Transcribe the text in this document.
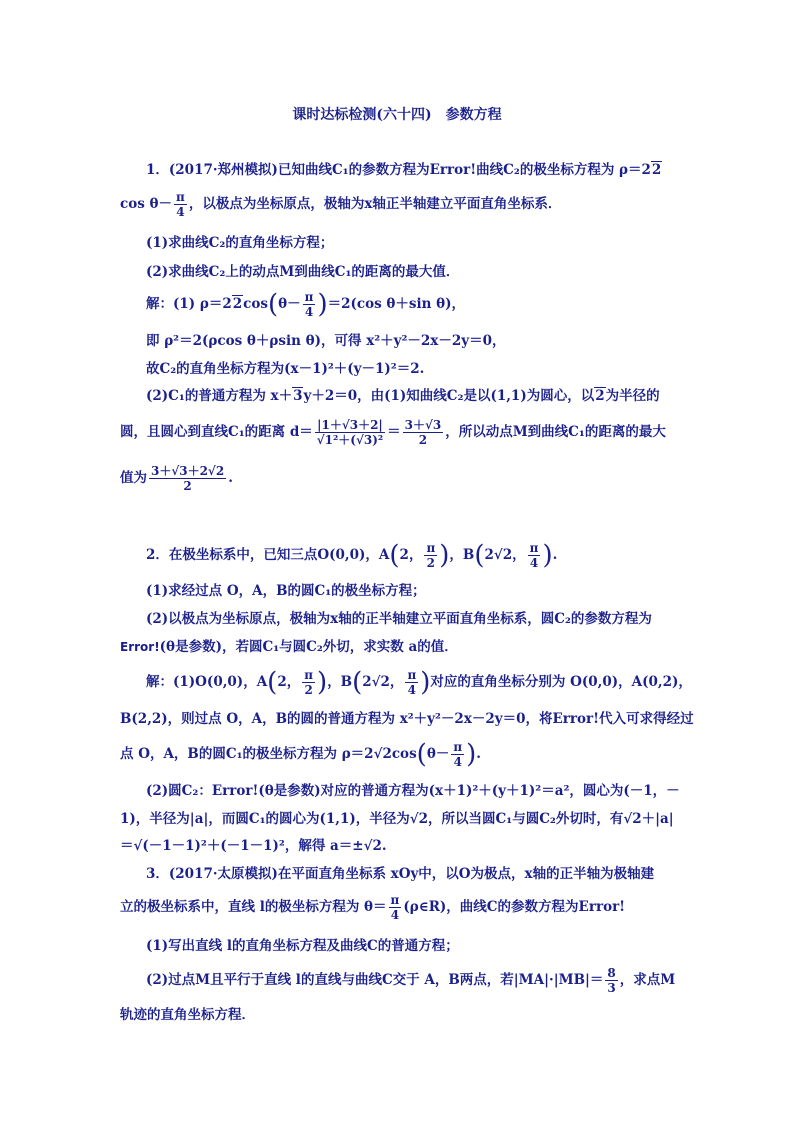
课时达标检测(六十四)　参数方程
1．(2017·郑州模拟)已知曲线C₁的参数方程为Error!曲线C₂的极坐标方程为 ρ＝22
$\cos \theta- \frac{\pi}{4}$ ，以极点为坐标原点，极轴为x轴正半轴建立平面直角坐标系．
(1)求曲线C₂的直角坐标方程；
(2)求曲线C₂上的动点M到曲线C₁的距离的最大值．
解：(1) $\rho=22\cos(\theta- \frac{\pi}{4} )=2(\cos$ θ＋sin θ)，
即 ρ²＝2(ρcos θ＋ρsin θ)，可得 x²＋y²－2x－2y＝0，
故C₂的直角坐标方程为(x－1)²＋(y－1)²＝2.
(2)C₁的普通方程为 x＋3y＋2＝0，由(1)知曲线C₂是以(1,1)为圆心，以2为半径的
圆，且圆心到直线C₁的距离 $d= \frac{|1+√3+2|}{\text{√1²＋(√3)²}} = \frac{3+√3}{2}$ ，所以动点M到曲线C₁的距离的最大
值为 $\frac{3+√3+2√2}{2}$ .
2．在极坐标系中，已知三点O(0,0)，A(2， $\frac{\pi}{2}$ )，B(2√2， $\frac{\pi}{4}$ ).
(1)求经过点 O，A，B的圆C₁的极坐标方程；
(2)以极点为坐标原点，极轴为x轴的正半轴建立平面直角坐标系，圆C₂的参数方程为
Error!(θ是参数)，若圆C₁与圆C₂外切，求实数 a的值．
解：(1)O(0,0)，A(2， $\frac{\pi}{2}$ )，B(2√2， $\frac{\pi}{4}$ )对应的直角坐标分别为 O(0,0)，A(0,2)，
B(2,2)，则过点 O，A，B的圆的普通方程为 x²＋y²－2x－2y＝0，将Error!代入可求得经过
点 O，A，B的圆C₁的极坐标方程为 $\rho=2√2\cos(\theta- \frac{\pi}{4}$ ).
(2)圆C₂：Error!(θ是参数)对应的普通方程为(x＋1)²＋(y＋1)²＝a²，圆心为(－1，－
1)，半径为|a|，而圆C₁的圆心为(1,1)，半径为√2，所以当圆C₁与圆C₂外切时，有√2＋|a|
＝√(－1－1)²＋(－1－1)²，解得 a＝±√2.
3．(2017·太原模拟)在平面直角坐标系 xOy中，以O为极点，x轴的正半轴为极轴建
立的极坐标系中，直线 l的极坐标方程为 $\theta= \frac{\pi}{4}$ (ρ∈R)，曲线C的参数方程为Error!
(1)写出直线 l的直角坐标方程及曲线C的普通方程；
(2)过点M且平行于直线 l的直线与曲线C交于 A，B两点，若$|MA|\cdot|MB|= \frac{8}{3}$ ，求点M
轨迹的直角坐标方程．
